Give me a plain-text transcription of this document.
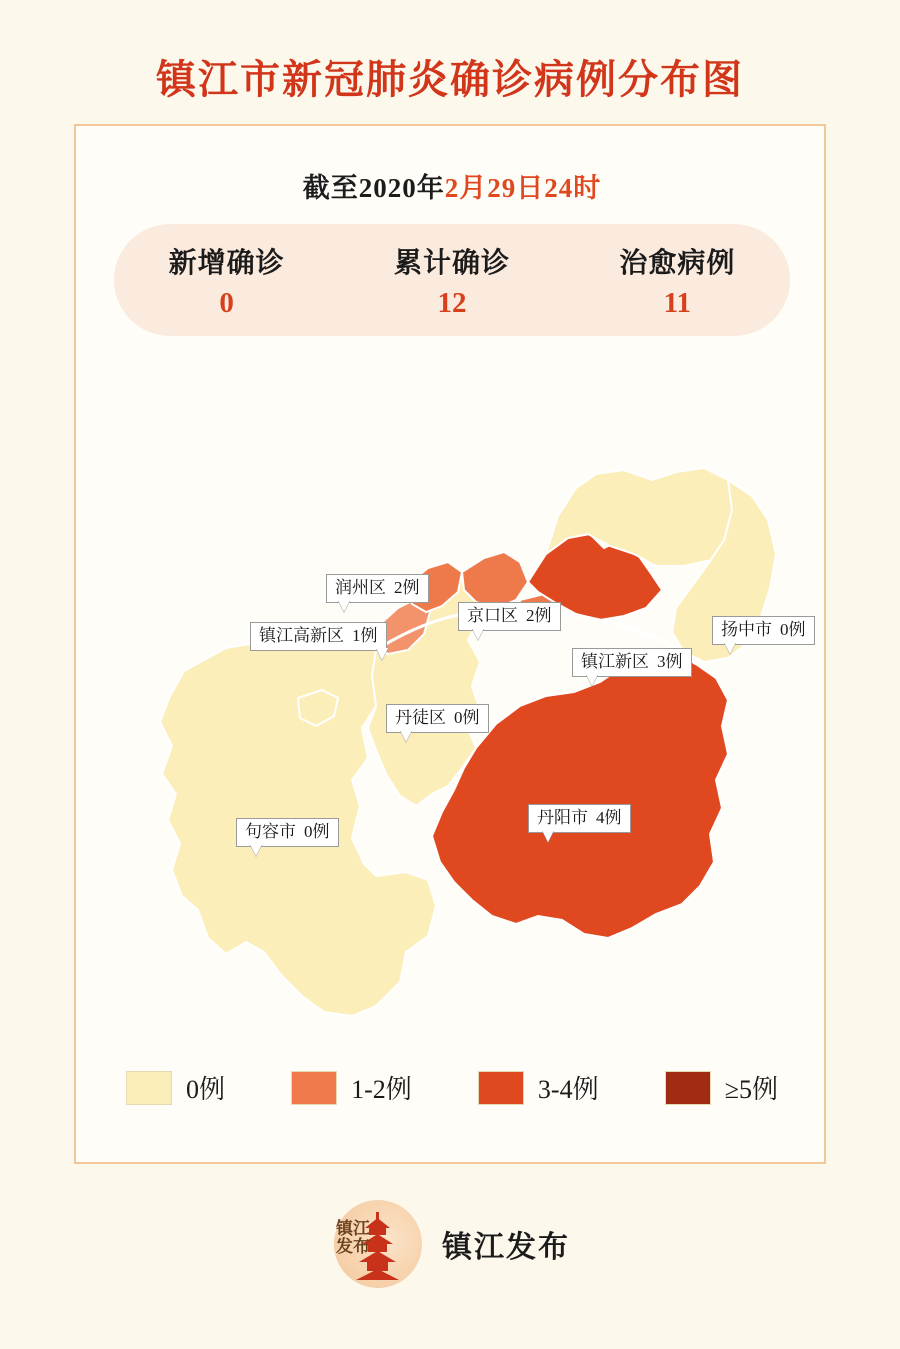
镇江市新冠肺炎确诊病例分布图
截至2020年2月29日24时
新增确诊
0
累计确诊
12
治愈病例
11
润州区 2例
京口区 2例
镇江高新区 1例	扬中市 0例
镇江新区 3例
丹徒区 0例
丹阳市 4例
句容市 0例
0例	1-2例	3-4例	≥5例
镇江
发布 镇江发布
